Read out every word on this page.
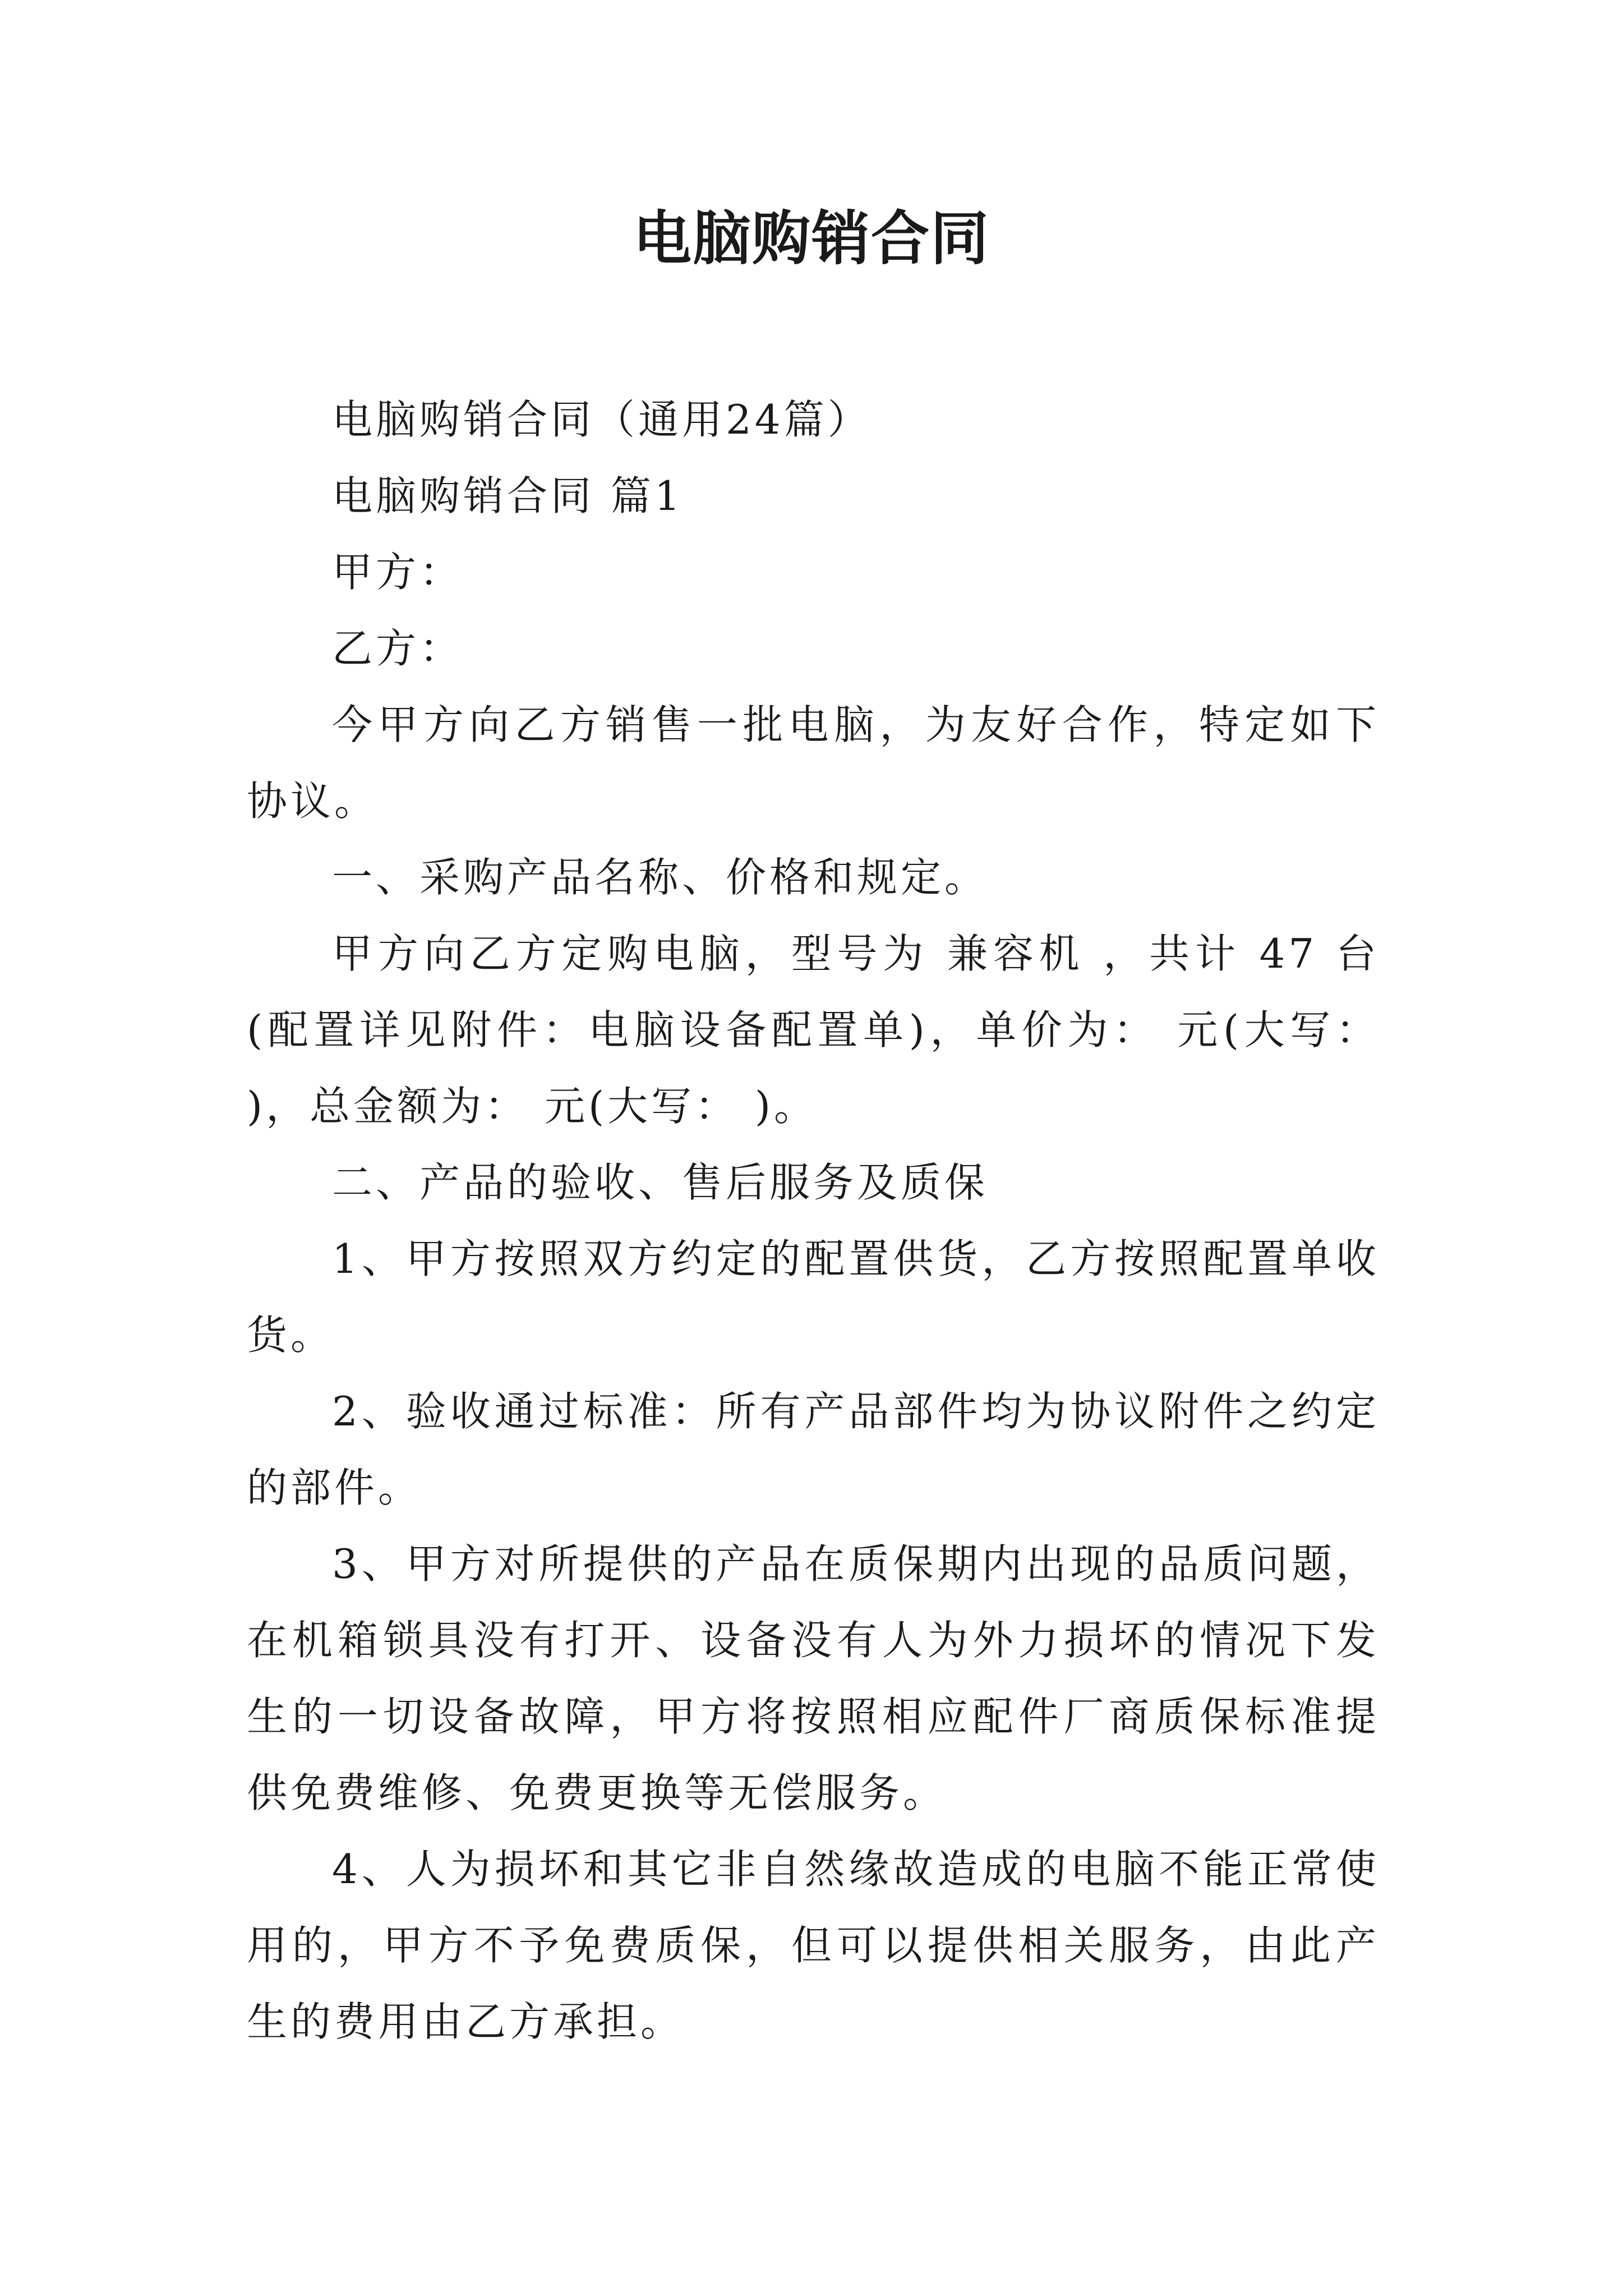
电脑购销合同

电脑购销合同（通用24篇）

电脑购销合同 篇1

甲方：

乙方：

今甲方向乙方销售一批电脑，为友好合作，特定如下协议。

一、采购产品名称、价格和规定。

甲方向乙方定购电脑，型号为 兼容机 ，共计 47 台(配置详见附件：电脑设备配置单)，单价为： 元(大写： )，总金额为： 元(大写： )。

二、产品的验收、售后服务及质保

1、甲方按照双方约定的配置供货，乙方按照配置单收货。

2、验收通过标准：所有产品部件均为协议附件之约定的部件。

3、甲方对所提供的产品在质保期内出现的品质问题，在机箱锁具没有打开、设备没有人为外力损坏的情况下发生的一切设备故障，甲方将按照相应配件厂商质保标准提供免费维修、免费更换等无偿服务。

4、人为损坏和其它非自然缘故造成的电脑不能正常使用的，甲方不予免费质保，但可以提供相关服务，由此产生的费用由乙方承担。
